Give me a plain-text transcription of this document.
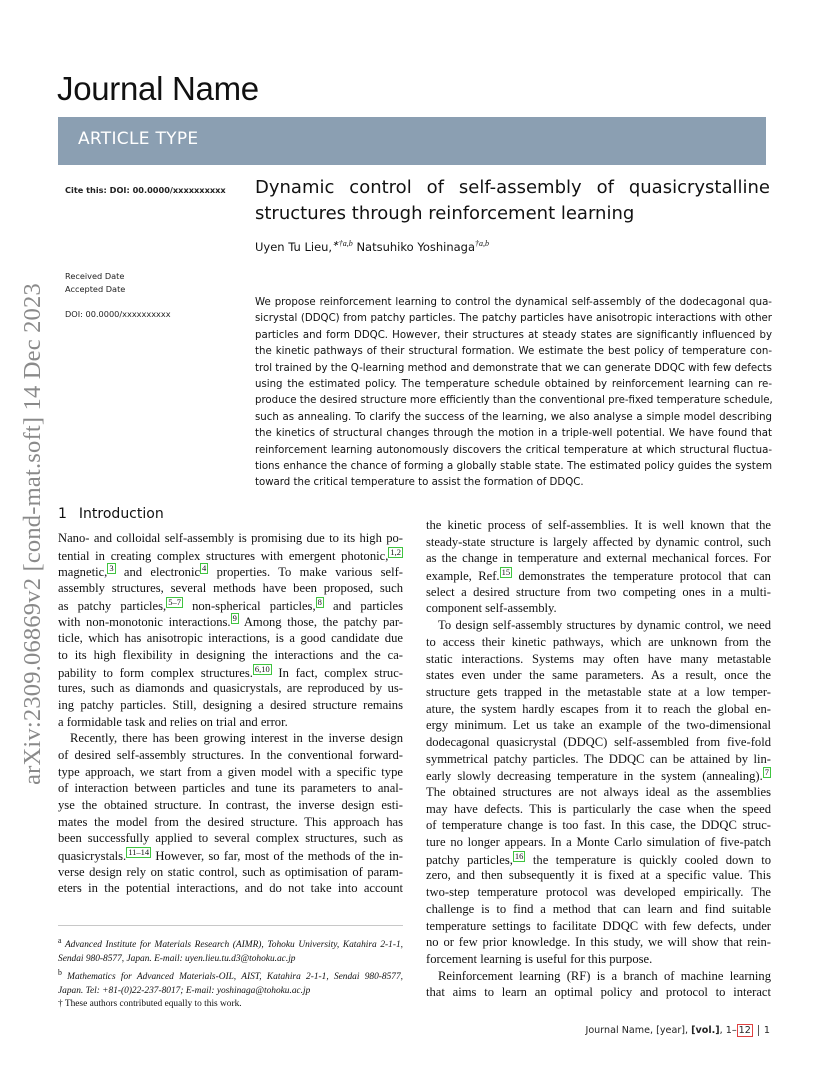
arXiv:2309.06869v2 [cond-mat.soft] 14 Dec 2023
Journal Name
ARTICLE TYPE
Cite this: DOI: 00.0000/xxxxxxxxxx
Received Date
Accepted Date
DOI: 00.0000/xxxxxxxxxx
Dynamic control of self-assembly of quasicrystalline
structures through reinforcement learning
Uyen Tu Lieu,$^{∗\dagger a,b}$ Natsuhiko Yoshinaga$^{\dagger a,b}$
We propose reinforcement learning to control the dynamical self-assembly of the dodecagonal qua-
sicrystal (DDQC) from patchy particles. The patchy particles have anisotropic interactions with other
particles and form DDQC. However, their structures at steady states are significantly influenced by
the kinetic pathways of their structural formation. We estimate the best policy of temperature con-
trol trained by the Q-learning method and demonstrate that we can generate DDQC with few defects
using the estimated policy. The temperature schedule obtained by reinforcement learning can re-
produce the desired structure more efficiently than the conventional pre-fixed temperature schedule,
such as annealing. To clarify the success of the learning, we also analyse a simple model describing
the kinetics of structural changes through the motion in a triple-well potential. We have found that
reinforcement learning autonomously discovers the critical temperature at which structural fluctua-
tions enhance the chance of forming a globally stable state. The estimated policy guides the system
toward the critical temperature to assist the formation of DDQC.
1 Introduction
Nano- and colloidal self-assembly is promising due to its high po-
tential in creating complex structures with emergent photonic, 1,2
magnetic, 3 and electronic 4 properties. To make various self-
assembly structures, several methods have been proposed, such
as patchy particles, 5–7 non-spherical particles, 8 and particles
with non-monotonic interactions. 9 Among those, the patchy par-
ticle, which has anisotropic interactions, is a good candidate due
to its high flexibility in designing the interactions and the ca-
pability to form complex structures. 6,10 In fact, complex struc-
tures, such as diamonds and quasicrystals, are reproduced by us-
ing patchy particles. Still, designing a desired structure remains
a formidable task and relies on trial and error.
Recently, there has been growing interest in the inverse design
of desired self-assembly structures. In the conventional forward-
type approach, we start from a given model with a specific type
of interaction between particles and tune its parameters to anal-
yse the obtained structure. In contrast, the inverse design esti-
mates the model from the desired structure. This approach has
been successfully applied to several complex structures, such as
quasicrystals. 11–14 However, so far, most of the methods of the in-
verse design rely on static control, such as optimisation of param-
eters in the potential interactions, and do not take into account
the kinetic process of self-assemblies. It is well known that the
steady-state structure is largely affected by dynamic control, such
as the change in temperature and external mechanical forces. For
example, Ref. 15 demonstrates the temperature protocol that can
select a desired structure from two competing ones in a multi-
component self-assembly.
To design self-assembly structures by dynamic control, we need
to access their kinetic pathways, which are unknown from the
static interactions. Systems may often have many metastable
states even under the same parameters. As a result, once the
structure gets trapped in the metastable state at a low temper-
ature, the system hardly escapes from it to reach the global en-
ergy minimum. Let us take an example of the two-dimensional
dodecagonal quasicrystal (DDQC) self-assembled from five-fold
symmetrical patchy particles. The DDQC can be attained by lin-
early slowly decreasing temperature in the system (annealing). 7
The obtained structures are not always ideal as the assemblies
may have defects. This is particularly the case when the speed
of temperature change is too fast. In this case, the DDQC struc-
ture no longer appears. In a Monte Carlo simulation of five-patch
patchy particles, 16 the temperature is quickly cooled down to
zero, and then subsequently it is fixed at a specific value. This
two-step temperature protocol was developed empirically. The
challenge is to find a method that can learn and find suitable
temperature settings to facilitate DDQC with few defects, under
no or few prior knowledge. In this study, we will show that rein-
forcement learning is useful for this purpose.
Reinforcement learning (RF) is a branch of machine learning
that aims to learn an optimal policy and protocol to interact
$^a$ Advanced Institute for Materials Research (AIMR), Tohoku University, Katahira 2-1-1,
Sendai 980-8577, Japan. E-mail: uyen.lieu.tu.d3@tohoku.ac.jp
$^b$ Mathematics for Advanced Materials-OIL, AIST, Katahira 2-1-1, Sendai 980-8577,
Japan. Tel: +81-(0)22-237-8017; E-mail: yoshinaga@tohoku.ac.jp
† These authors contributed equally to this work.
Journal Name, [year], [vol.], 1– 12 1
